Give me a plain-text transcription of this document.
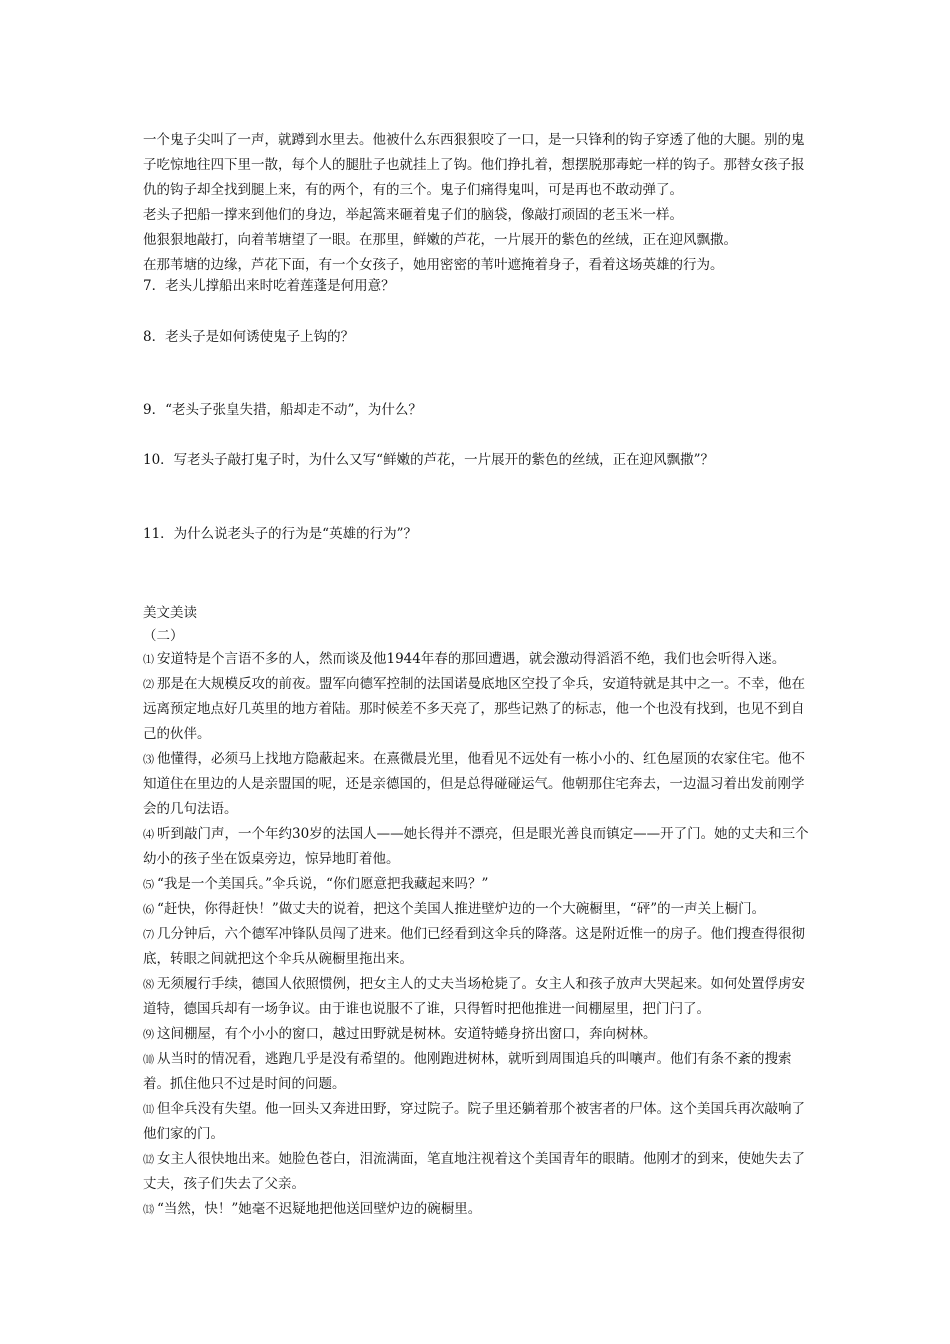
一个鬼子尖叫了一声，就蹲到水里去。他被什么东西狠狠咬了一口，是一只锋利的钩子穿透了他的大腿。别的鬼子吃惊地往四下里一散，每个人的腿肚子也就挂上了钩。他们挣扎着，想摆脱那毒蛇一样的钩子。那替女孩子报仇的钩子却全找到腿上来，有的两个，有的三个。鬼子们痛得鬼叫，可是再也不敢动弹了。

老头子把船一撑来到他们的身边，举起篙来砸着鬼子们的脑袋，像敲打顽固的老玉米一样。

他狠狠地敲打，向着苇塘望了一眼。在那里，鲜嫩的芦花，一片展开的紫色的丝绒，正在迎风飘撒。

在那苇塘的边缘，芦花下面，有一个女孩子，她用密密的苇叶遮掩着身子，看着这场英雄的行为。

7．老头儿撑船出来时吃着莲蓬是何用意？

8．老头子是如何诱使鬼子上钩的？

9．“老头子张皇失措，船却走不动”，为什么？

10．写老头子敲打鬼子时，为什么又写“鲜嫩的芦花，一片展开的紫色的丝绒，正在迎风飘撒”？

11．为什么说老头子的行为是“英雄的行为”？

美文美读

（二）

⑴ 安道特是个言语不多的人，然而谈及他1944年春的那回遭遇，就会激动得滔滔不绝，我们也会听得入迷。

⑵ 那是在大规模反攻的前夜。盟军向德军控制的法国诺曼底地区空投了伞兵，安道特就是其中之一。不幸，他在远离预定地点好几英里的地方着陆。那时候差不多天亮了，那些记熟了的标志，他一个也没有找到，也见不到自己的伙伴。

⑶ 他懂得，必须马上找地方隐蔽起来。在熹微晨光里，他看见不远处有一栋小小的、红色屋顶的农家住宅。他不知道住在里边的人是亲盟国的呢，还是亲德国的，但是总得碰碰运气。他朝那住宅奔去，一边温习着出发前刚学会的几句法语。

⑷ 听到敲门声，一个年约30岁的法国人——她长得并不漂亮，但是眼光善良而镇定——开了门。她的丈夫和三个幼小的孩子坐在饭桌旁边，惊异地盯着他。

⑸ “我是一个美国兵。”伞兵说，“你们愿意把我藏起来吗？”

⑹ “赶快，你得赶快！”做丈夫的说着，把这个美国人推进壁炉边的一个大碗橱里，“砰”的一声关上橱门。

⑺ 几分钟后，六个德军冲锋队员闯了进来。他们已经看到这伞兵的降落。这是附近惟一的房子。他们搜查得很彻底，转眼之间就把这个伞兵从碗橱里拖出来。

⑻ 无须履行手续，德国人依照惯例，把女主人的丈夫当场枪毙了。女主人和孩子放声大哭起来。如何处置俘虏安道特，德国兵却有一场争议。由于谁也说服不了谁，只得暂时把他推进一间棚屋里，把门闩了。

⑼ 这间棚屋，有个小小的窗口，越过田野就是树林。安道特蜷身挤出窗口，奔向树林。

⑽ 从当时的情况看，逃跑几乎是没有希望的。他刚跑进树林，就听到周围追兵的叫嚷声。他们有条不紊的搜索着。抓住他只不过是时间的问题。

⑾ 但伞兵没有失望。他一回头又奔进田野，穿过院子。院子里还躺着那个被害者的尸体。这个美国兵再次敲响了他们家的门。

⑿ 女主人很快地出来。她脸色苍白，泪流满面，笔直地注视着这个美国青年的眼睛。他刚才的到来，使她失去了丈夫，孩子们失去了父亲。

⒀ “当然，快！”她毫不迟疑地把他送回壁炉边的碗橱里。
